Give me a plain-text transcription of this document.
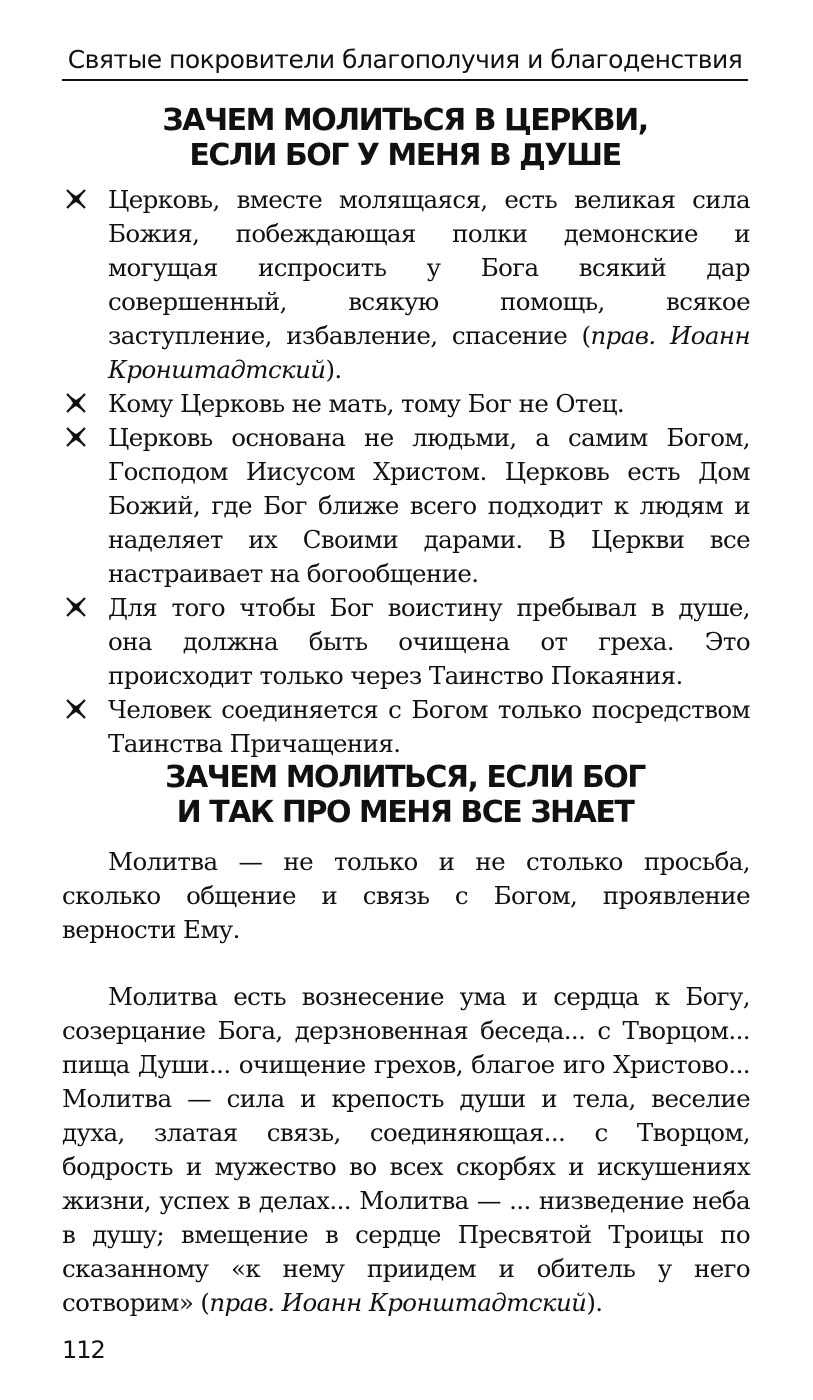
Святые покровители благополучия и благоденствия
ЗАЧЕМ МОЛИТЬСЯ В ЦЕРКВИ,
ЕСЛИ БОГ У МЕНЯ В ДУШЕ
Церковь, вместе молящаяся, есть великая сила Божия, побеждающая полки демонские и могущая испросить у Бога всякий дар совершенный, всякую помощь, всякое заступление, избавление, спасение (прав. Иоанн Кронштадтский).
Кому Церковь не мать, тому Бог не Отец.
Церковь основана не людьми, а самим Богом, Господом Иисусом Христом. Церковь есть Дом Божий, где Бог ближе всего подходит к людям и наделяет их Своими дарами. В Церкви все настраивает на богообщение.
Для того чтобы Бог воистину пребывал в душе, она должна быть очищена от греха. Это происходит только через Таинство Покаяния.
Человек соединяется с Богом только посредством Таинства Причащения.
ЗАЧЕМ МОЛИТЬСЯ, ЕСЛИ БОГ
И ТАК ПРО МЕНЯ ВСЕ ЗНАЕТ

Молитва — не только и не столько просьба, сколько общение и связь с Богом, проявление верности Ему.

Молитва есть вознесение ума и сердца к Богу, созерцание Бога, дерзновенная беседа... с Творцом... пища Души... очищение грехов, благое иго Христово... Молитва — сила и крепость души и тела, веселие духа, златая связь, соединяющая... с Творцом, бодрость и мужество во всех скорбях и искушениях жизни, успех в делах... Молитва — ... низведение неба в душу; вмещение в сердце Пресвятой Троицы по сказанному «к нему приидем и обитель у него сотворим» (прав. Иоанн Кронштадтский).

112
